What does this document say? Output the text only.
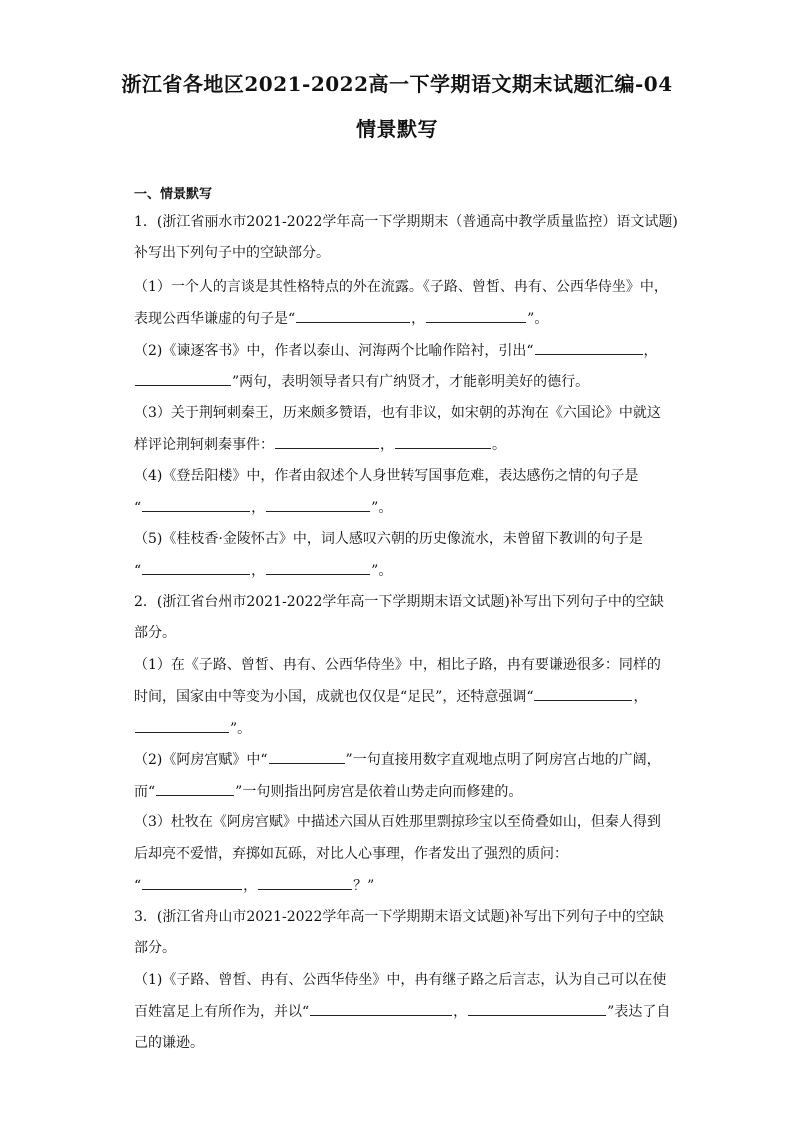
浙江省各地区2021-2022高一下学期语文期末试题汇编-04
情景默写
一、情景默写
1．(浙江省丽水市2021-2022学年高一下学期期末（普通高中教学质量监控）语文试题)
补写出下列句子中的空缺部分。
（1）一个人的言谈是其性格特点的外在流露。《子路、曾皙、冉有、公西华侍坐》中，
表现公西华谦虚的句子是“	，	”。
（2)《谏逐客书》中，作者以泰山、河海两个比喻作陪衬，引出“	，
”两句，表明领导者只有广纳贤才，才能彰明美好的德行。
（3）关于荆轲刺秦王，历来颇多赞语，也有非议，如宋朝的苏洵在《六国论》中就这
样评论荆轲刺秦事件：	，	。
（4)《登岳阳楼》中，作者由叙述个人身世转写国事危难，表达感伤之情的句子是
“	，	”。
（5)《桂枝香·金陵怀古》中，词人感叹六朝的历史像流水，未曾留下教训的句子是
“	，	”。
2．(浙江省台州市2021-2022学年高一下学期期末语文试题)补写出下列句子中的空缺
部分。
（1）在《子路、曾皙、冉有、公西华侍坐》中，相比子路，冉有要谦逊很多：同样的
时间，国家由中等变为小国，成就也仅仅是“足民”，还特意强调“	，
”。
（2)《阿房宫赋》中“	”一句直接用数字直观地点明了阿房宫占地的广阔，
而“	”一句则指出阿房宫是依着山势走向而修建的。
（3）杜牧在《阿房宫赋》中描述六国从百姓那里剽掠珍宝以至倚叠如山，但秦人得到
后却亮不爱惜，弃掷如瓦砾，对比人心事理，作者发出了强烈的质问：
“	，	？”
3．(浙江省舟山市2021-2022学年高一下学期期末语文试题)补写出下列句子中的空缺
部分。
（1)《子路、曾皙、冉有、公西华侍坐》中，冉有继子路之后言志，认为自己可以在使
百姓富足上有所作为，并以“	，	”表达了自
己的谦逊。
